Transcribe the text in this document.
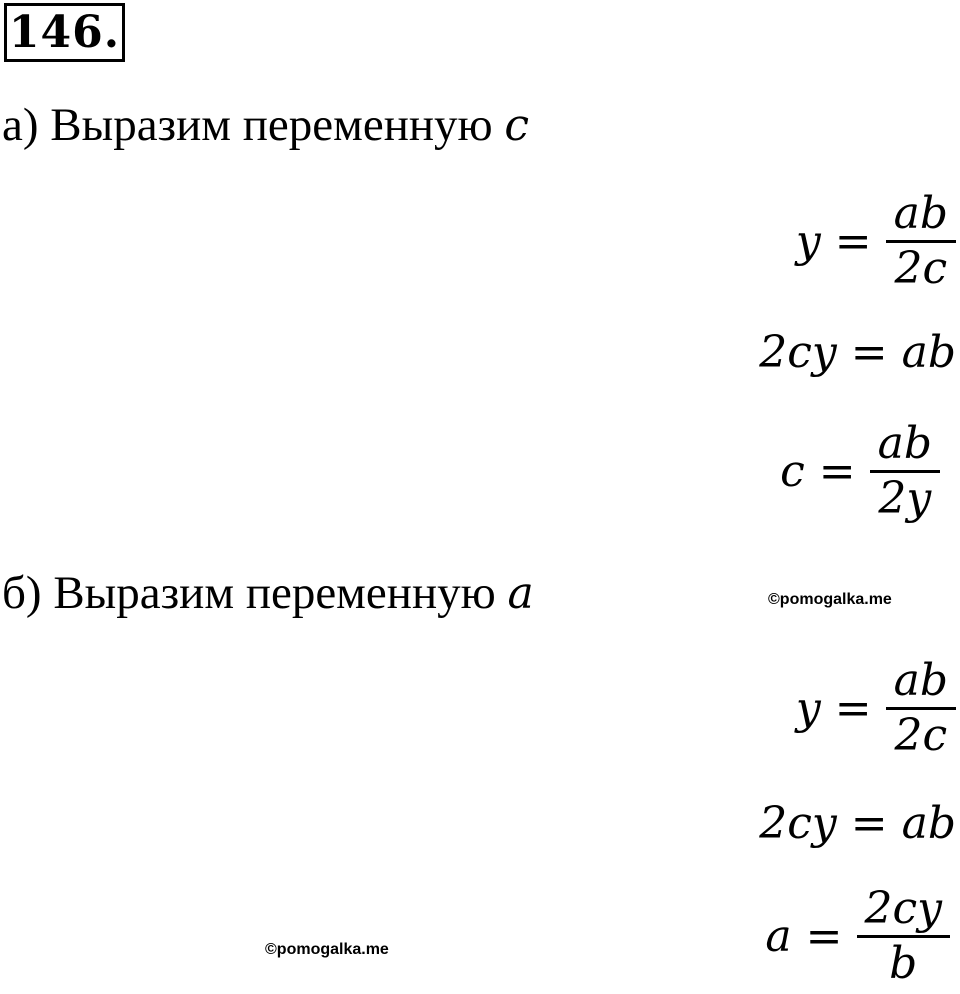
146.
а) Выразим переменную c
$y = \frac{ab}{2c}$
2cy = ab
$c = \frac{ab}{2y}$
б) Выразим переменную a	©pomogalka.me
$y = \frac{ab}{2c}$
2cy = ab
$a = \frac{2cy}{b}$
©pomogalka.me
